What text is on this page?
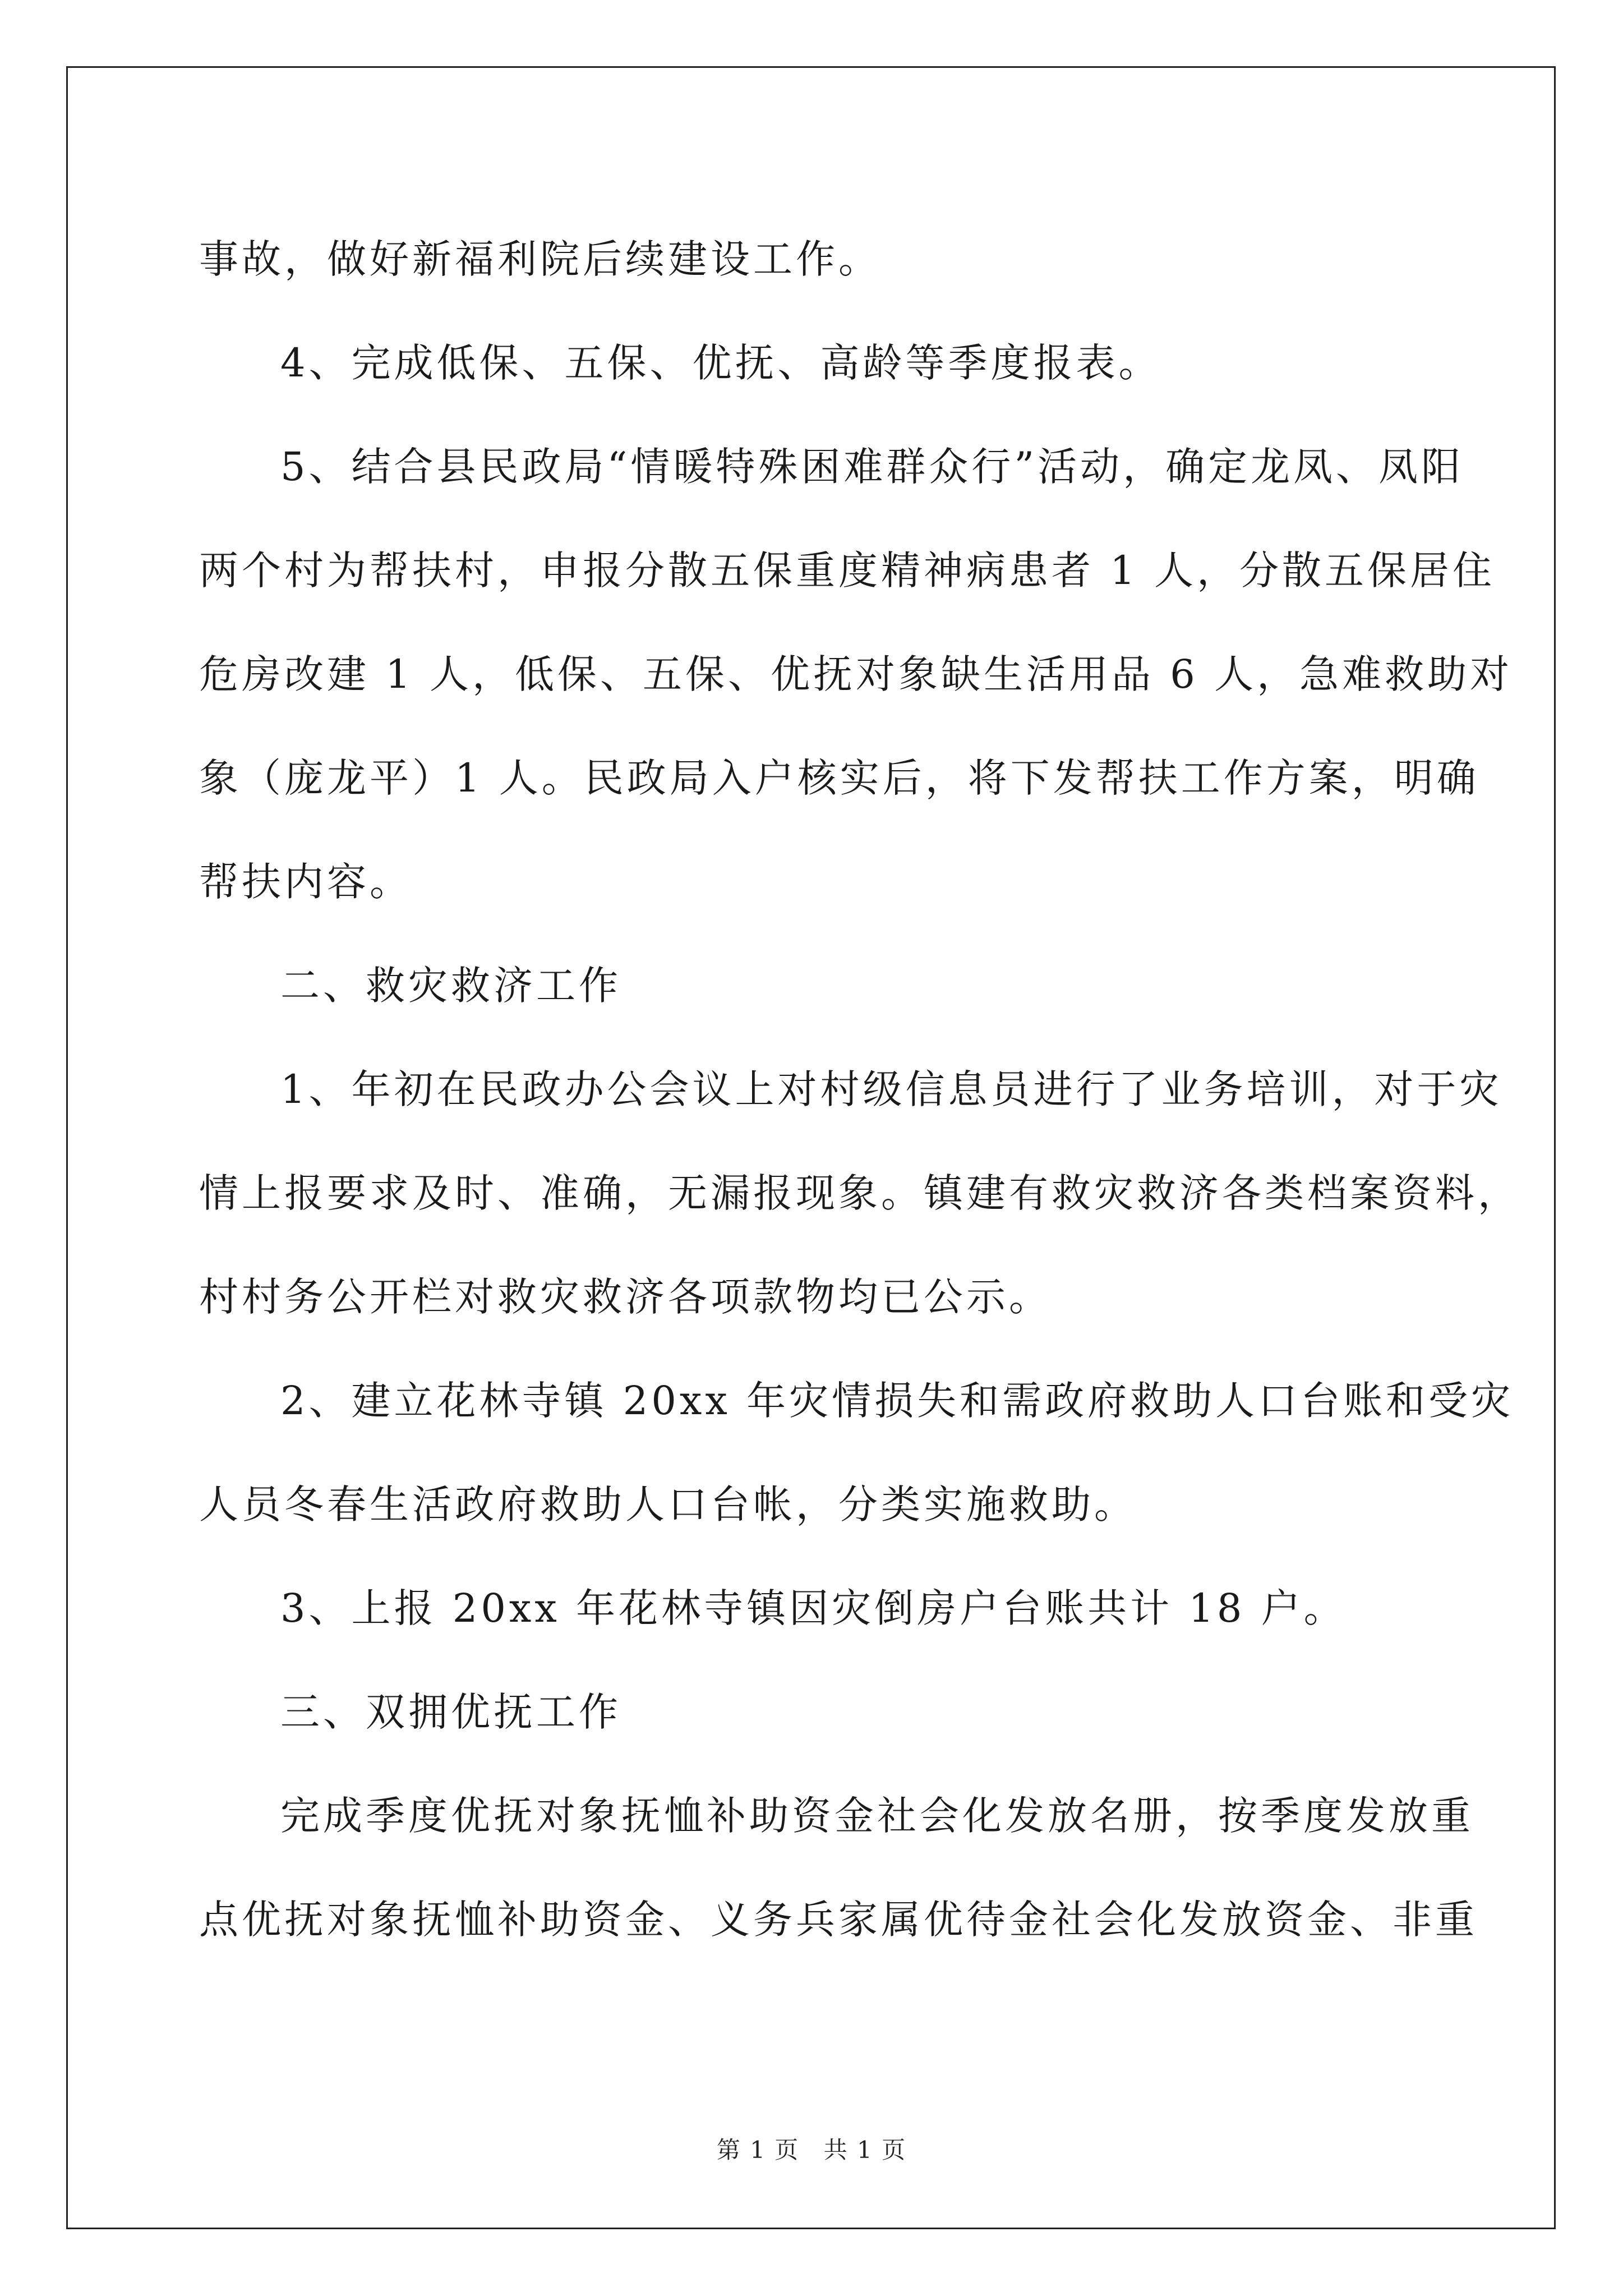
事故，做好新福利院后续建设工作。
4、完成低保、五保、优抚、高龄等季度报表。
5、结合县民政局“情暖特殊困难群众行”活动，确定龙凤、凤阳
两个村为帮扶村，申报分散五保重度精神病患者 1 人，分散五保居住
危房改建 1 人，低保、五保、优抚对象缺生活用品 6 人，急难救助对
象（庞龙平）1 人。民政局入户核实后，将下发帮扶工作方案，明确
帮扶内容。
二、救灾救济工作
1、年初在民政办公会议上对村级信息员进行了业务培训，对于灾
情上报要求及时、准确，无漏报现象。镇建有救灾救济各类档案资料，
村村务公开栏对救灾救济各项款物均已公示。
2、建立花林寺镇 20xx 年灾情损失和需政府救助人口台账和受灾
人员冬春生活政府救助人口台帐，分类实施救助。
3、上报 20xx 年花林寺镇因灾倒房户台账共计 18 户。
三、双拥优抚工作
完成季度优抚对象抚恤补助资金社会化发放名册，按季度发放重
点优抚对象抚恤补助资金、义务兵家属优待金社会化发放资金、非重

第 1 页 共 1 页
